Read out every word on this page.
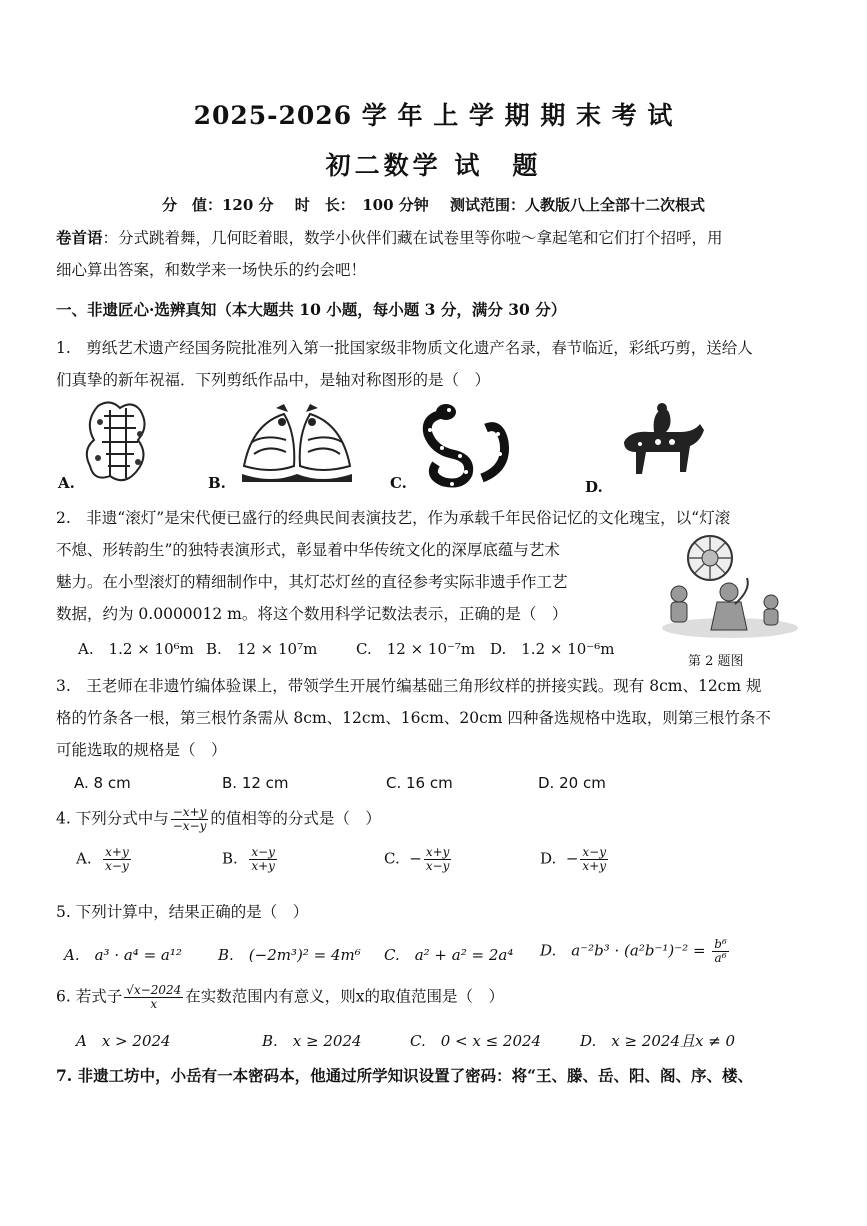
2025-2026 学 年 上 学 期 期 末 考 试
初二数学 试　题
分　值：120 分 时　长：　100 分钟 测试范围：人教版八上全部十二次根式
卷首语：分式跳着舞，几何眨着眼，数学小伙伴们藏在试卷里等你啦～拿起笔和它们打个招呼，用
细心算出答案，和数学来一场快乐的约会吧！
一、非遗匠心·选辨真知（本大题共 10 小题，每小题 3 分，满分 30 分）
1.　剪纸艺术遗产经国务院批准列入第一批国家级非物质文化遗产名录，春节临近，彩纸巧剪，送给人
们真挚的新年祝福．下列剪纸作品中，是轴对称图形的是（　）
A.	B.	C.	D.
2.　非遗“滚灯”是宋代便已盛行的经典民间表演技艺，作为承载千年民俗记忆的文化瑰宝，以“灯滚
不熄、形转韵生”的独特表演形式，彰显着中华传统文化的深厚底蕴与艺术
魅力。在小型滚灯的精细制作中，其灯芯灯丝的直径参考实际非遗手作工艺
数据，约为 0.0000012 m。将这个数用科学记数法表示，正确的是（　）
A.　1.2 × 10⁶m B.　12 × 10⁷m	C.　12 × 10⁻⁷m D.　1.2 × 10⁻⁶m
第 2 题图
3.　王老师在非遗竹编体验课上，带领学生开展竹编基础三角形纹样的拼接实践。现有 8cm、12cm 规
格的竹条各一根，第三根竹条需从 8cm、12cm、16cm、20cm 四种备选规格中选取，则第三根竹条不
可能选取的规格是（　）
A. 8 cm	B. 12 cm	C. 16 cm	D. 20 cm
4. 下列分式中与 $\frac{-x+y}{-x-y}$ 的值相等的分式是（　）
A. $\frac{x+y}{x-y}$	B. $\frac{x-y}{x+y}$	C. − $\frac{x+y}{x-y}$	D. − $\frac{x-y}{x+y}$
5. 下列计算中，结果正确的是（　）
A.　a³ · a⁴ = a¹² B.　(−2m³)² = 4m⁶ C.　a² + a² = 2a⁴ D.　$a^{-2}b^3 \cdot (a^2b^{-1})^{-2} = \frac{\text{b⁶}}{\text{a⁶}}$
6. 若式子 $\frac{√x-2024}{x}$ 在实数范围内有意义，则x的取值范围是（　）
A　x > 2024	B.　x ≥ 2024	C.　0 < x ≤ 2024	D.　x ≥ 2024且x ≠ 0
7. 非遗工坊中，小岳有一本密码本，他通过所学知识设置了密码：将“王、滕、岳、阳、阁、序、楼、
